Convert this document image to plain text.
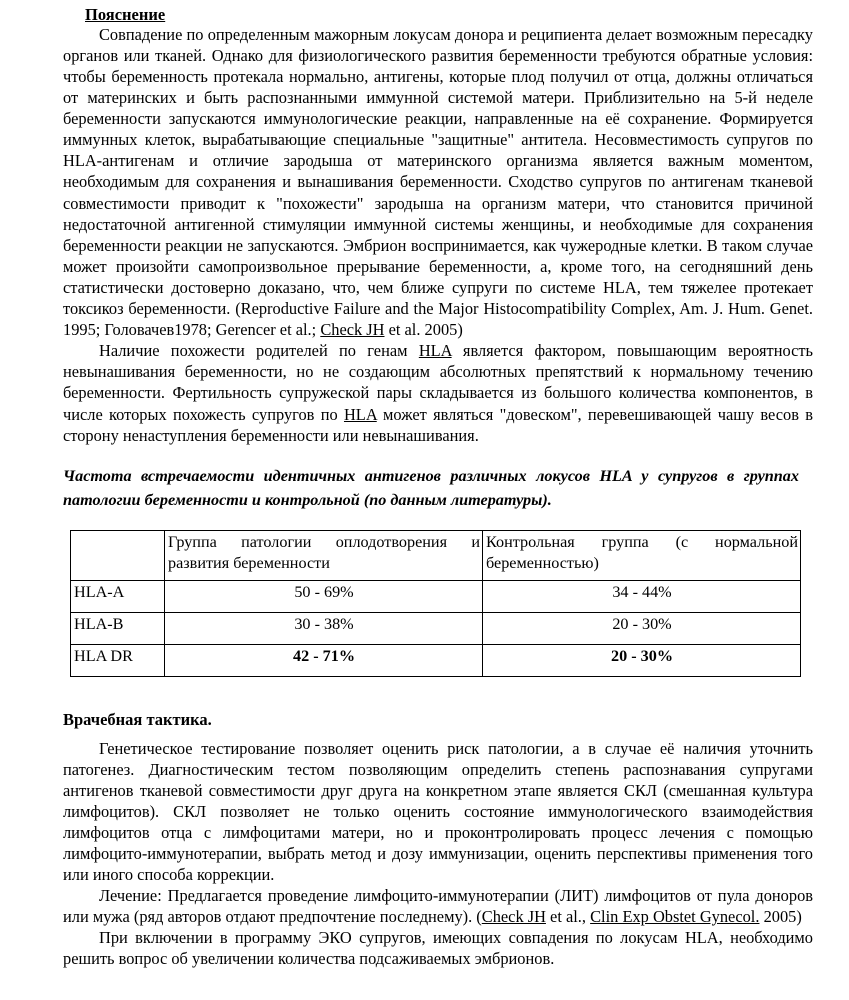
Пояснение

Совпадение по определенным мажорным локусам донора и реципиента делает возможным пересадку органов или тканей. Однако для физиологического развития беременности требуются обратные условия: чтобы беременность протекала нормально, антигены, которые плод получил от отца, должны отличаться от материнских и быть распознанными иммунной системой матери. Приблизительно на 5-й неделе беременности запускаются иммунологические реакции, направленные на её сохранение. Формируется иммунных клеток, вырабатывающие специальные "защитные" антитела. Несовместимость супругов по HLA-антигенам и отличие зародыша от материнского организма является важным моментом, необходимым для сохранения и вынашивания беременности. Сходство супругов по антигенам тканевой совместимости приводит к "похожести" зародыша на организм матери, что становится причиной недостаточной антигенной стимуляции иммунной системы женщины, и необходимые для сохранения беременности реакции не запускаются. Эмбрион воспринимается, как чужеродные клетки. В таком случае может произойти самопроизвольное прерывание беременности, а, кроме того, на сегодняшний день статистически достоверно доказано, что, чем ближе супруги по системе HLA, тем тяжелее протекает токсикоз беременности. (Reproductive Failure and the Major Histocompatibility Complex, Am. J. Hum. Genet. 1995; Головачев1978; Gerencer et al.; Check JH et al. 2005)

Наличие похожести родителей по генам HLA является фактором, повышающим вероятность невынашивания беременности, но не создающим абсолютных препятствий к нормальному течению беременности. Фертильность супружеской пары складывается из большого количества компонентов, в числе которых похожесть супругов по HLA может являться "довеском", перевешивающей чашу весов в сторону ненаступления беременности или невынашивания.

Частота встречаемости идентичных антигенов различных локусов HLA у супругов в группах патологии беременности и контрольной (по данным литературы).
	Группа патологии оплодотворения и развития беременности	Контрольная группа (с нормальной беременностью)
HLA-A	50 - 69%	34 - 44%
HLA-B	30 - 38%	20 - 30%
HLA DR	42 - 71%	20 - 30%
Врачебная тактика.

Генетическое тестирование позволяет оценить риск патологии, а в случае её наличия уточнить патогенез. Диагностическим тестом позволяющим определить степень распознавания супругами антигенов тканевой совместимости друг друга на конкретном этапе является СКЛ (смешанная культура лимфоцитов). СКЛ позволяет не только оценить состояние иммунологического взаимодействия лимфоцитов отца с лимфоцитами матери, но и проконтролировать процесс лечения с помощью лимфоцито-иммунотерапии, выбрать метод и дозу иммунизации, оценить перспективы применения того или иного способа коррекции.

Лечение: Предлагается проведение лимфоцито-иммунотерапии (ЛИТ) лимфоцитов от пула доноров или мужа (ряд авторов отдают предпочтение последнему). (Check JH et al., Clin Exp Obstet Gynecol. 2005)

При включении в программу ЭКО супругов, имеющих совпадения по локусам HLA, необходимо решить вопрос об увеличении количества подсаживаемых эмбрионов.
